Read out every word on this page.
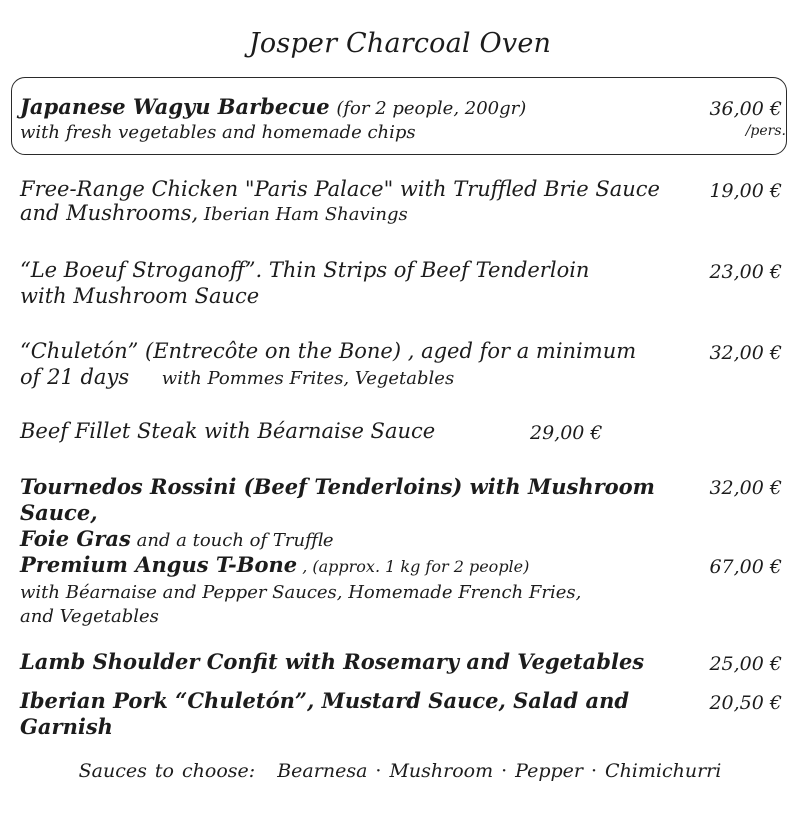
Josper Charcoal Oven
Japanese Wagyu Barbecue (for 2 people, 200gr)
with fresh vegetables and homemade chips
36,00 €
/pers.
Free-Range Chicken "Paris Palace" with Truffled Brie Sauce
and Mushrooms, Iberian Ham Shavings
19,00 €
“Le Boeuf Stroganoff”. Thin Strips of Beef Tenderloin
with Mushroom Sauce
23,00 €
“Chuletón” (Entrecôte on the Bone) , aged for a minimum
of 21 days with Pommes Frites, Vegetables
32,00 €
Beef Fillet Steak with Béarnaise Sauce	29,00 €
Tournedos Rossini (Beef Tenderloins) with Mushroom Sauce,
Foie Gras and a touch of Truffle
32,00 €
Premium Angus T-Bone , (approx. 1 kg for 2 people)
with Béarnaise and Pepper Sauces, Homemade French Fries,
and Vegetables
67,00 €
Lamb Shoulder Confit with Rosemary and Vegetables	25,00 €
Iberian Pork “Chuletón”, Mustard Sauce, Salad and Garnish
20,50 €
Sauces to choose: Bearnesa · Mushroom · Pepper · Chimichurri
